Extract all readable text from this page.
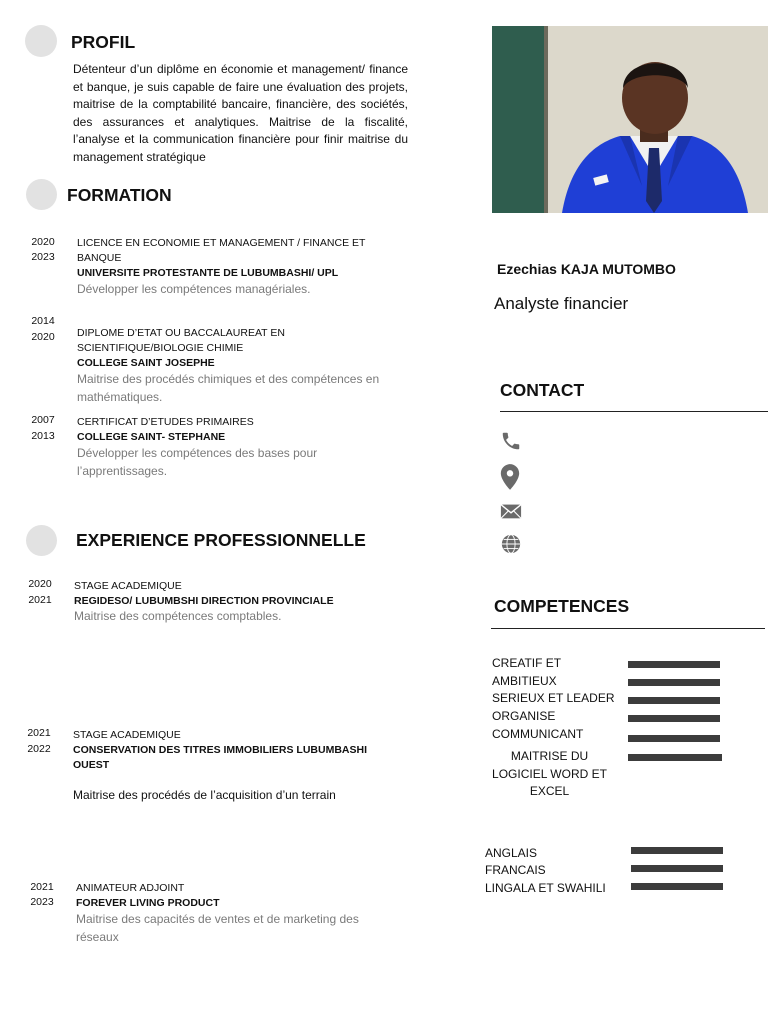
PROFIL
Détenteur d’un diplôme en économie et management/ finance et banque, je suis capable de faire une évaluation des projets, maitrise de la comptabilité bancaire, financière, des sociétés, des assurances et analytiques. Maitrise de la fiscalité, l’analyse et la communication financière pour finir maitrise du management stratégique
FORMATION
2020
2023
LICENCE EN ECONOMIE ET MANAGEMENT / FINANCE ET BANQUE
UNIVERSITE PROTESTANTE DE LUBUMBASHI/ UPL
Développer les compétences managériales.
2014
2020	DIPLOME D’ETAT OU BACCALAUREAT EN SCIENTIFIQUE/BIOLOGIE CHIMIE
COLLEGE SAINT JOSEPHE
Maitrise des procédés chimiques et des compétences en mathématiques.
2007
2013
CERTIFICAT D’ETUDES PRIMAIRES
COLLEGE SAINT- STEPHANE
Développer les compétences des bases pour l’apprentissages.
EXPERIENCE PROFESSIONNELLE
2020
2021
STAGE ACADEMIQUE
REGIDESO/ LUBUMBSHI DIRECTION PROVINCIALE
Maitrise des compétences comptables.
2021
2022
STAGE ACADEMIQUE
CONSERVATION DES TITRES IMMOBILIERS LUBUMBASHI OUEST
Maitrise des procédés de l’acquisition d’un terrain
2021
2023
ANIMATEUR ADJOINT
FOREVER LIVING PRODUCT
Maitrise des capacités de ventes et de marketing des réseaux
Ezechias KAJA MUTOMBO
Analyste financier
CONTACT
COMPETENCES
CREATIF ET AMBITIEUX
SERIEUX ET LEADER
ORGANISE
COMMUNICANT
MAITRISE DU LOGICIEL WORD ET EXCEL
ANGLAIS
FRANCAIS
LINGALA ET SWAHILI
